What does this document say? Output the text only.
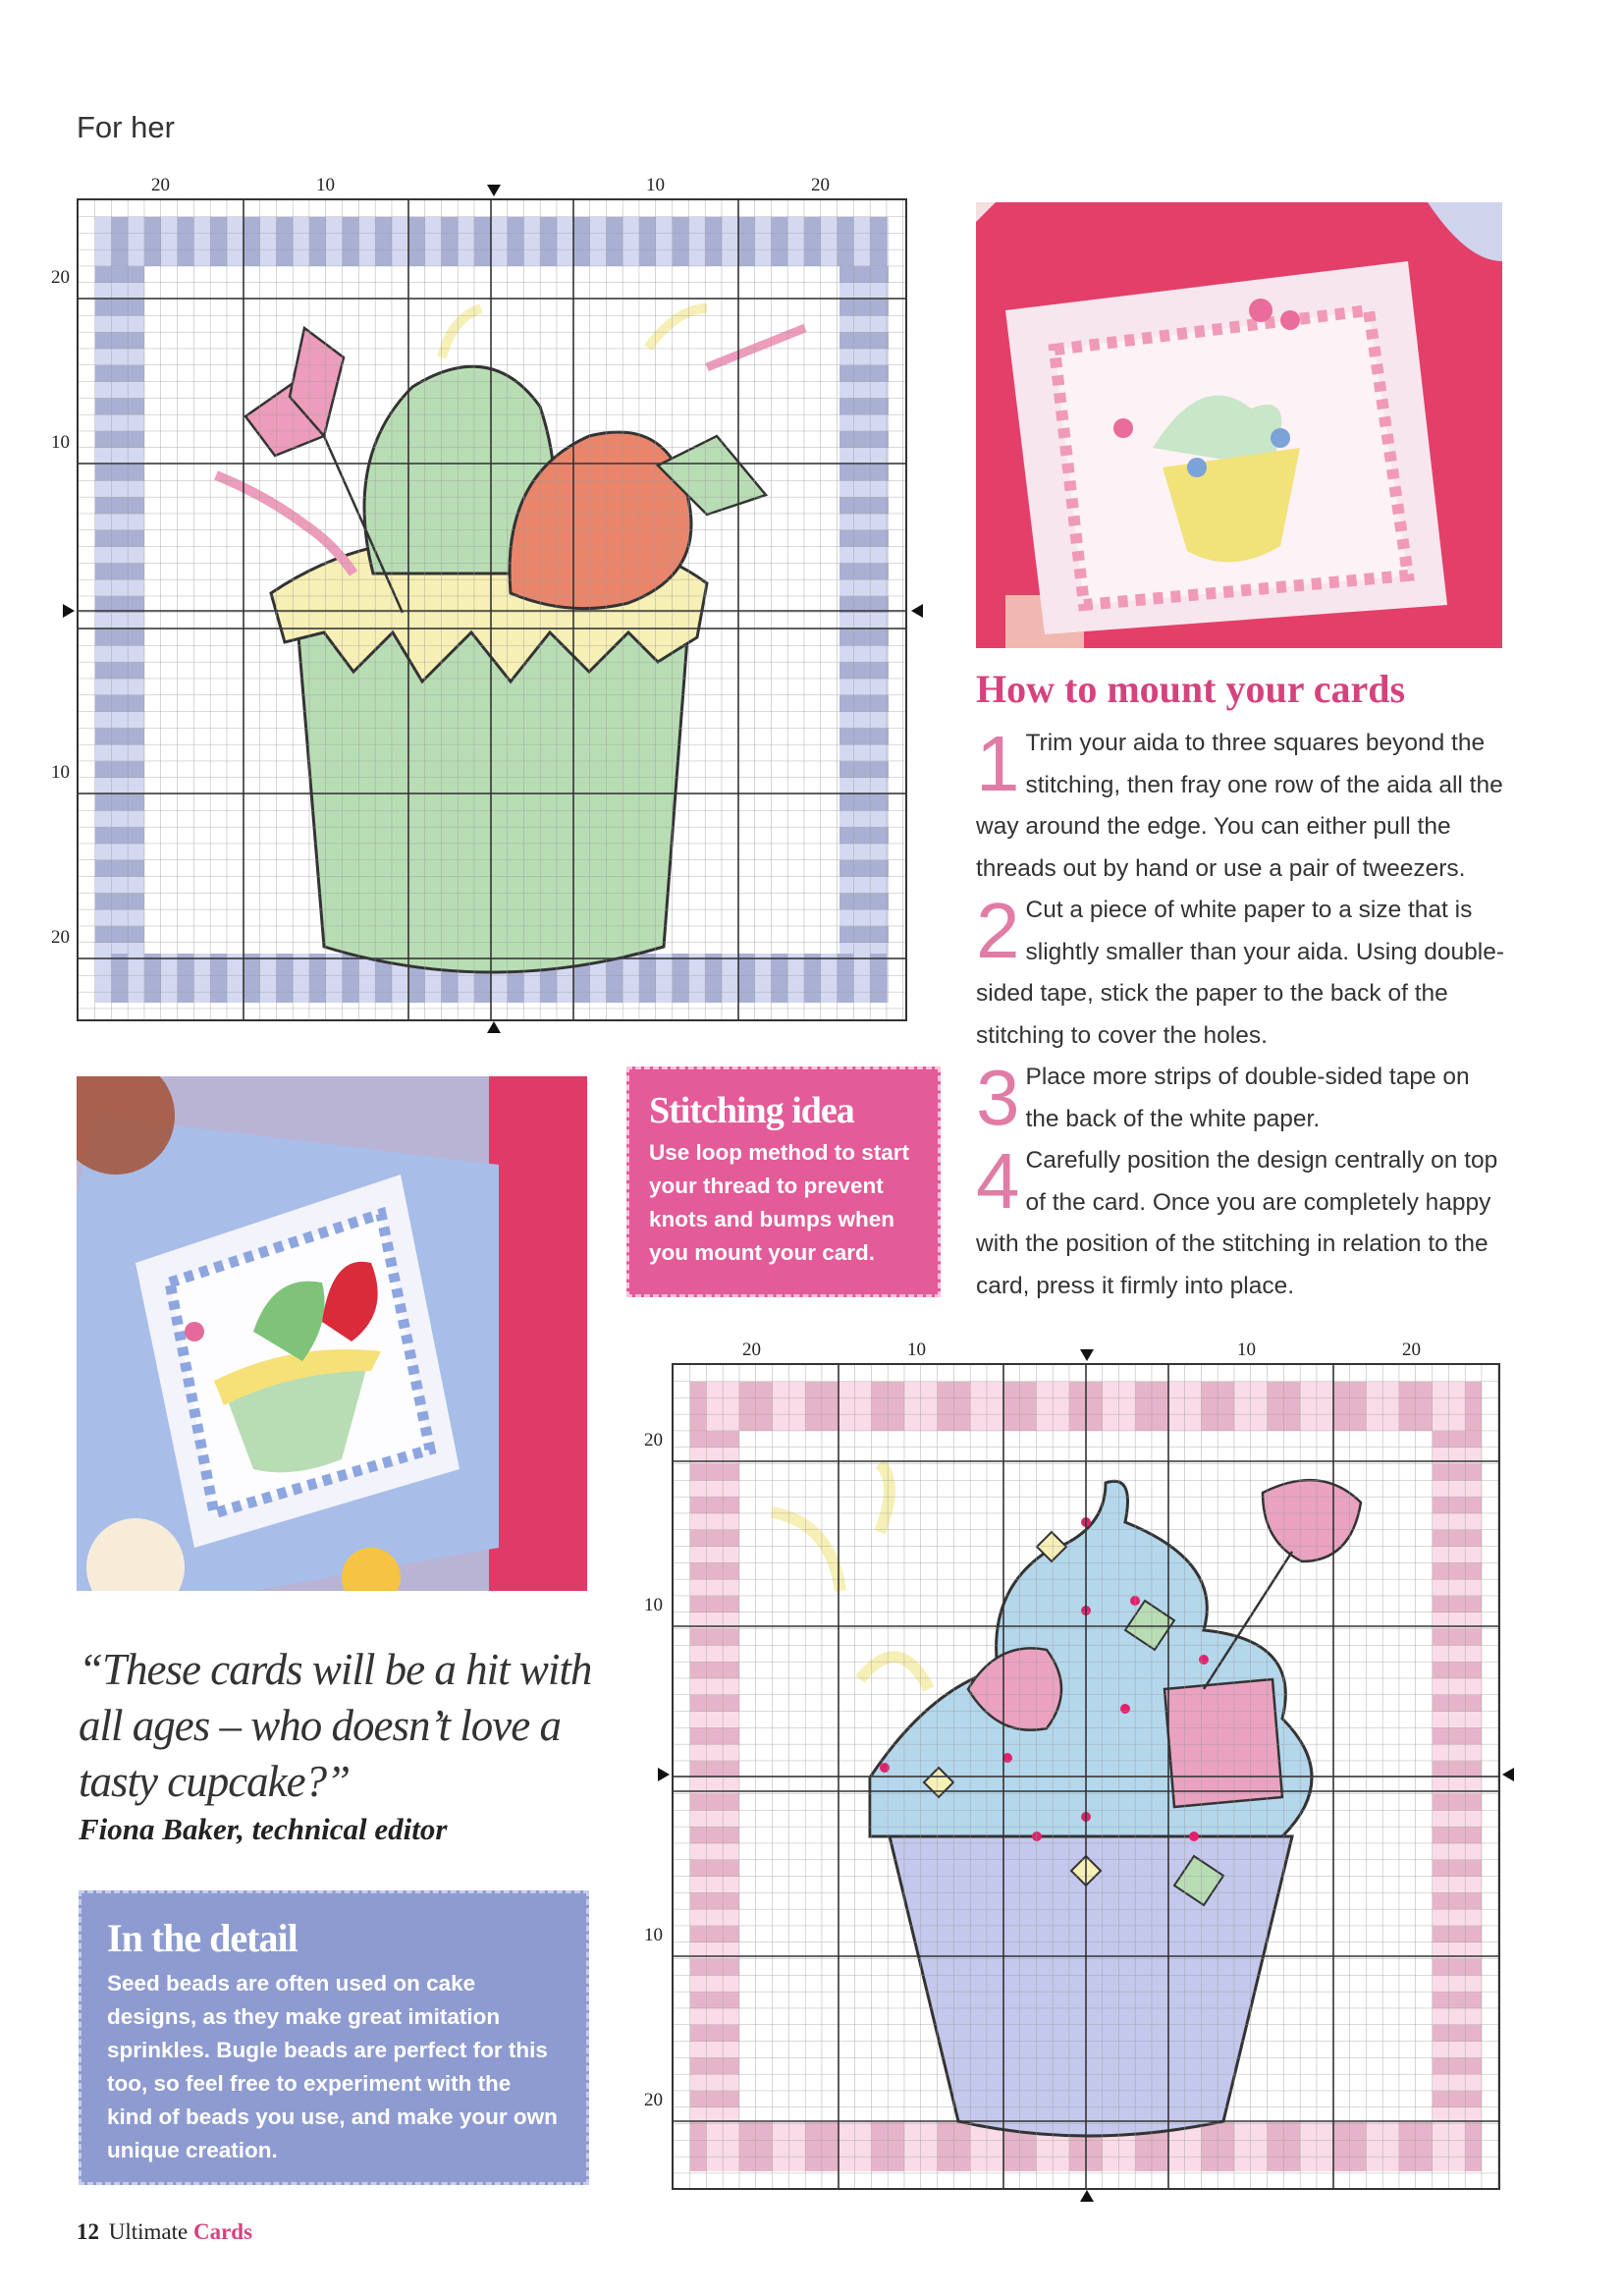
For her
20	10	10	20
20
10
10
20
How to mount your cards
1 Trim your aida to three squares beyond the stitching, then fray one row of the aida all the way around the edge. You can either pull the threads out by hand or use a pair of tweezers.
2 Cut a piece of white paper to a size that is slightly smaller than your aida. Using double-sided tape, stick the paper to the back of the stitching to cover the holes.
3 Place more strips of double-sided tape on the back of the white paper.
4 Carefully position the design centrally on top of the card. Once you are completely happy with the position of the stitching in relation to the card, press it firmly into place.
Stitching idea
Use loop method to start your thread to prevent knots and bumps when you mount your card.
“These cards will be a hit with all ages – who doesn’t love a tasty cupcake?”
Fiona Baker, technical editor
In the detail
Seed beads are often used on cake designs, as they make great imitation sprinkles. Bugle beads are perfect for this too, so feel free to experiment with the kind of beads you use, and make your own unique creation.
20	10	10	20
20
10
10
20
12 Ultimate Cards
